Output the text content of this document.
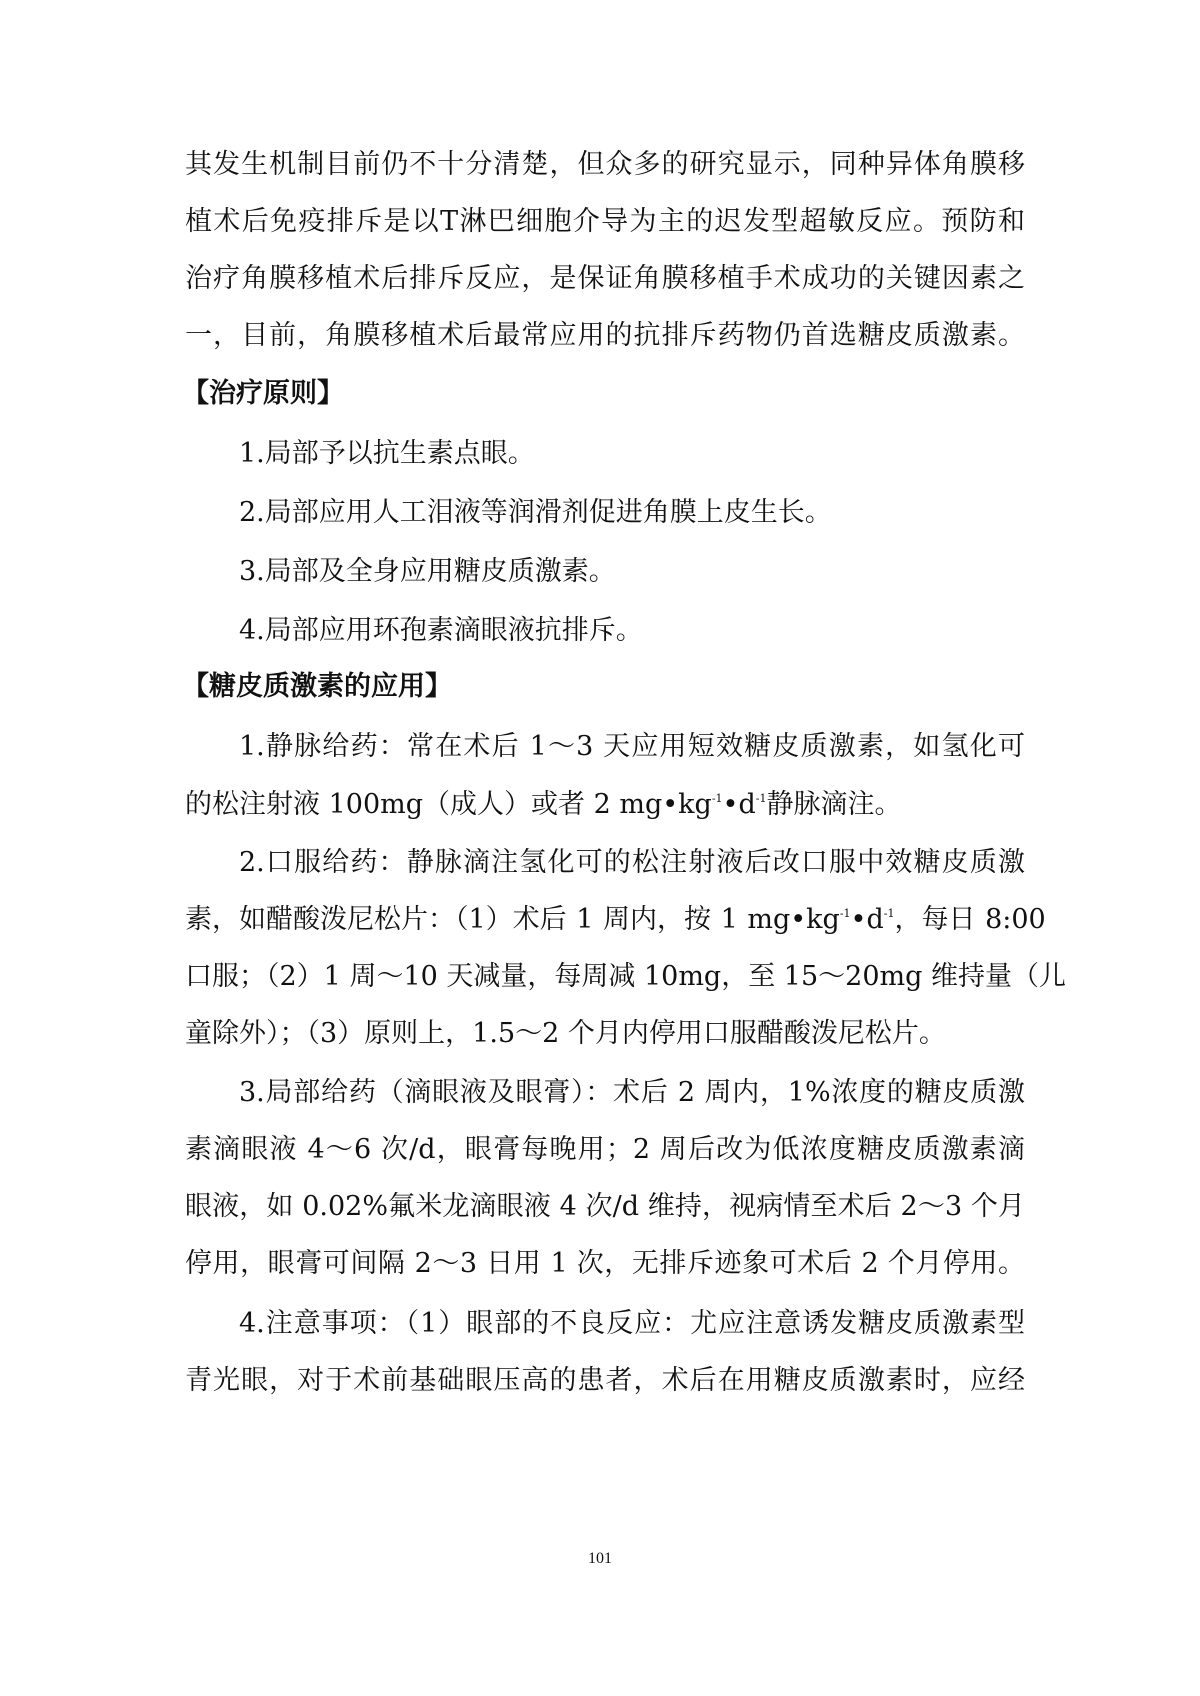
其发生机制目前仍不十分清楚，但众多的研究显示，同种异体角膜移

植术后免疫排斥是以T淋巴细胞介导为主的迟发型超敏反应。预防和

治疗角膜移植术后排斥反应，是保证角膜移植手术成功的关键因素之

一，目前，角膜移植术后最常应用的抗排斥药物仍首选糖皮质激素。

【治疗原则】

1.局部予以抗生素点眼。

2.局部应用人工泪液等润滑剂促进角膜上皮生长。

3.局部及全身应用糖皮质激素。

4.局部应用环孢素滴眼液抗排斥。

【糖皮质激素的应用】

1.静脉给药：常在术后 1～3 天应用短效糖皮质激素，如氢化可

的松注射液 100mg（成人）或者 2 $mg•kg^{-1}•d^{-1}$静脉滴注。

2.口服给药：静脉滴注氢化可的松注射液后改口服中效糖皮质激

素，如醋酸泼尼松片：（1）术后 1 周内，按 1 $mg•kg^{-1}•d^{-1}$，每日 8:00

口服；（2）1 周～10 天减量，每周减 10mg，至 15～20mg 维持量（儿

童除外）；（3）原则上，1.5～2 个月内停用口服醋酸泼尼松片。

3.局部给药（滴眼液及眼膏）：术后 2 周内，1%浓度的糖皮质激

素滴眼液 4～6 次/d，眼膏每晚用；2 周后改为低浓度糖皮质激素滴

眼液，如 0.02%氟米龙滴眼液 4 次/d 维持，视病情至术后 2～3 个月

停用，眼膏可间隔 2～3 日用 1 次，无排斥迹象可术后 2 个月停用。

4.注意事项：（1）眼部的不良反应：尤应注意诱发糖皮质激素型

青光眼，对于术前基础眼压高的患者，术后在用糖皮质激素时，应经

101
